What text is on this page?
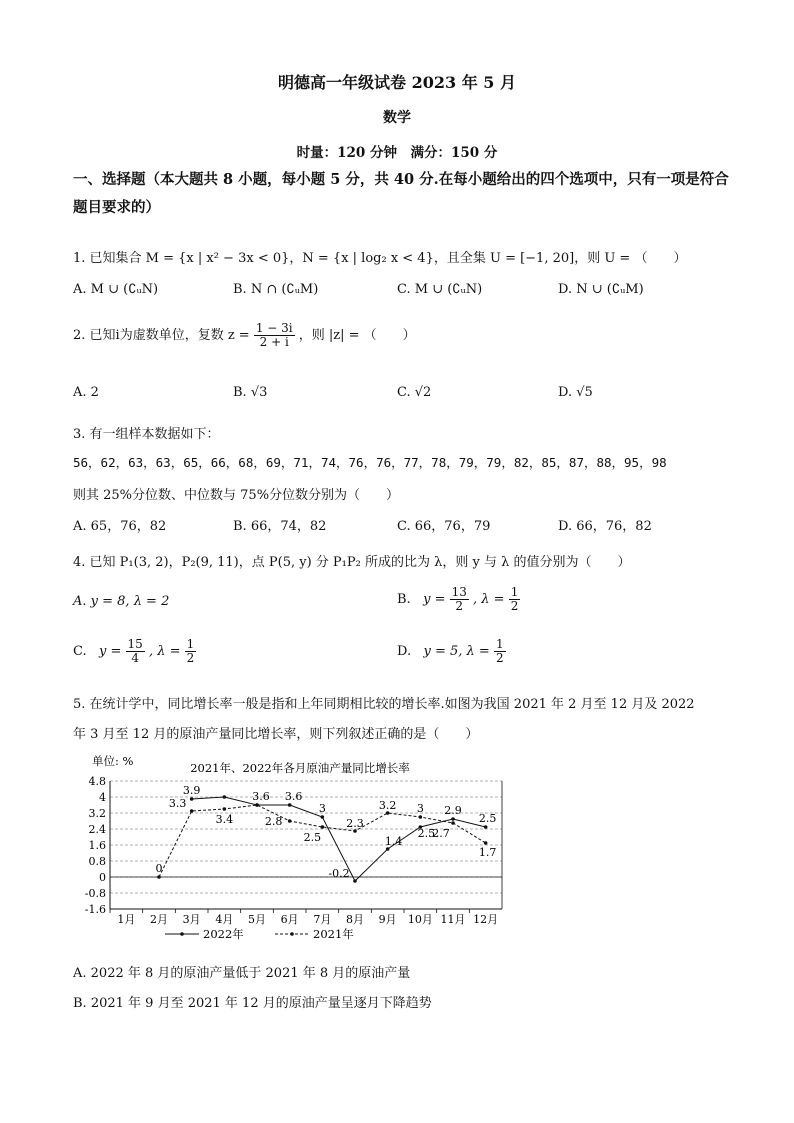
明德高一年级试卷 2023 年 5 月
数学
时量：120 分钟　满分：150 分
一、选择题（本大题共 8 小题，每小题 5 分，共 40 分.在每小题给出的四个选项中，只有一项是符合题目要求的）
1. 已知集合 M = {x | x² − 3x < 0}，N = {x | log₂ x < 4}，且全集 U = [−1, 20]，则 U = （　　）
A. M ∪ (∁ᵤN)	B. N ∩ (∁ᵤM)	C. M ∪ (∁ᵤN)	D. N ∪ (∁ᵤM)
2. 已知i为虚数单位，复数 $z = \frac{1 - 3i}{2 + i}$ ，则 |z| = （　　）
A. 2	B. √3	C. √2	D. √5
3. 有一组样本数据如下：
56，62，63，63，65，66，68，69，71，74，76，76，77，78，79，79，82，85，87，88，95，98
则其 25%分位数、中位数与 75%分位数分别为（　　）
A. 65，76，82	B. 66，74，82	C. 66，76，79	D. 66，76，82
4. 已知 P₁(3, 2)，P₂(9, 11)，点 P(5, y) 分 P₁P₂ 所成的比为 λ，则 y 与 λ 的值分别为（　　）
A. y = 8, λ = 2	B. $y = \frac{13}{2}$ , $\lambda = \frac{1}{2}$
C. $y = \frac{15}{4}$ , $\lambda = \frac{1}{2}$	D. y = 5, $\lambda = \frac{1}{2}$
5. 在统计学中，同比增长率一般是指和上年同期相比较的增长率.如图为我国 2021 年 2 月至 12 月及 2022
年 3 月至 12 月的原油产量同比增长率，则下列叙述正确的是（　　）
单位: %	2021年、2022年各月原油产量同比增长率
4.8
4
3.2
2.4
1.6
0.8
0
-0.8
-1.6
1月 2月 3月 4月 5月 6月 7月 8月 9月 10月 11月 12月
3.9	3.6 3.6
3
-0.2
1.4
2.5
2.9
2.5
0
3.3
3.4	2.8
2.5
2.3
3.2 3
2.7
1.7
2022年	2021年
A. 2022 年 8 月的原油产量低于 2021 年 8 月的原油产量
B. 2021 年 9 月至 2021 年 12 月的原油产量呈逐月下降趋势
